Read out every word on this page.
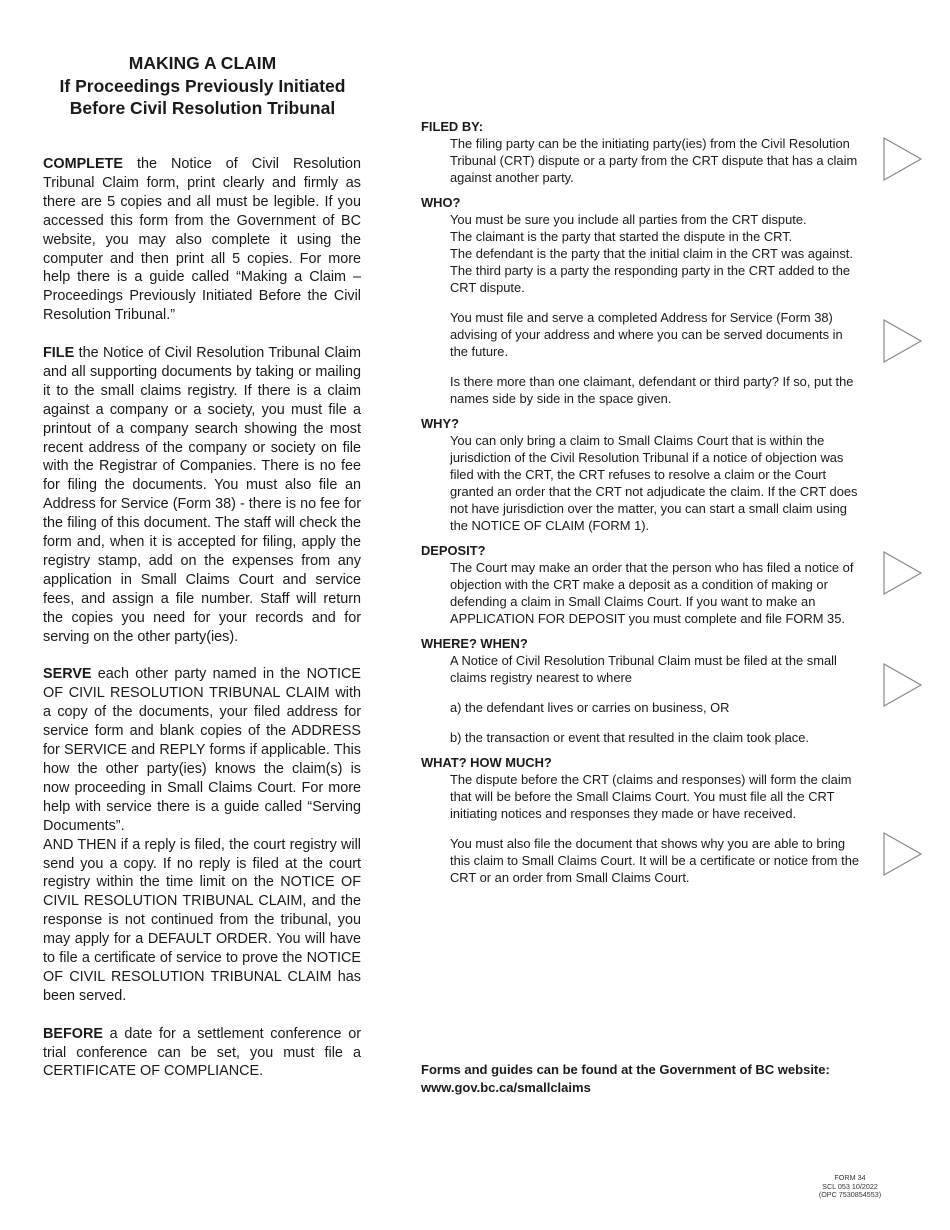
MAKING A CLAIM
If Proceedings Previously Initiated
Before Civil Resolution Tribunal

COMPLETE the Notice of Civil Resolution Tribunal Claim form, print clearly and firmly as there are 5 copies and all must be legible. If you accessed this form from the Government of BC website, you may also complete it using the computer and then print all 5 copies. For more help there is a guide called “Making a Claim – Proceedings Previously Initiated Before the Civil Resolution Tribunal.”

FILE the Notice of Civil Resolution Tribunal Claim and all supporting documents by taking or mailing it to the small claims registry. If there is a claim against a company or a society, you must file a printout of a company search showing the most recent address of the company or society on file with the Registrar of Companies. There is no fee for filing the documents. You must also file an Address for Service (Form 38) - there is no fee for the filing of this document. The staff will check the form and, when it is accepted for filing, apply the registry stamp, add on the expenses from any application in Small Claims Court and service fees, and assign a file number. Staff will return the copies you need for your records and for serving on the other party(ies).

SERVE each other party named in the NOTICE OF CIVIL RESOLUTION TRIBUNAL CLAIM with a copy of the documents, your filed address for service form and blank copies of the ADDRESS for SERVICE and REPLY forms if applicable. This how the other party(ies) knows the claim(s) is now proceeding in Small Claims Court. For more help with service there is a guide called “Serving Documents”.

AND THEN if a reply is filed, the court registry will send you a copy. If no reply is filed at the court registry within the time limit on the NOTICE OF CIVIL RESOLUTION TRIBUNAL CLAIM, and the response is not continued from the tribunal, you may apply for a DEFAULT ORDER. You will have to file a certificate of service to prove the NOTICE OF CIVIL RESOLUTION TRIBUNAL CLAIM has been served.

BEFORE a date for a settlement conference or trial conference can be set, you must file a CERTIFICATE OF COMPLIANCE.

FILED BY:

The filing party can be the initiating party(ies) from the Civil Resolution Tribunal (CRT) dispute or a party from the CRT dispute that has a claim against another party.

WHO?

You must be sure you include all parties from the CRT dispute.

The claimant is the party that started the dispute in the CRT.

The defendant is the party that the initial claim in the CRT was against.

The third party is a party the responding party in the CRT added to the CRT dispute.

You must file and serve a completed Address for Service (Form 38) advising of your address and where you can be served documents in the future.

Is there more than one claimant, defendant or third party? If so, put the names side by side in the space given.

WHY?

You can only bring a claim to Small Claims Court that is within the jurisdiction of the Civil Resolution Tribunal if a notice of objection was filed with the CRT, the CRT refuses to resolve a claim or the Court granted an order that the CRT not adjudicate the claim. If the CRT does not have jurisdiction over the matter, you can start a small claim using the NOTICE OF CLAIM (FORM 1).

DEPOSIT?

The Court may make an order that the person who has filed a notice of objection with the CRT make a deposit as a condition of making or defending a claim in Small Claims Court. If you want to make an APPLICATION FOR DEPOSIT you must complete and file FORM 35.

WHERE? WHEN?

A Notice of Civil Resolution Tribunal Claim must be filed at the small claims registry nearest to where

a) the defendant lives or carries on business, OR

b) the transaction or event that resulted in the claim took place.

WHAT? HOW MUCH?

The dispute before the CRT (claims and responses) will form the claim that will be before the Small Claims Court. You must file all the CRT initiating notices and responses they made or have received.

You must also file the document that shows why you are able to bring this claim to Small Claims Court. It will be a certificate or notice from the CRT or an order from Small Claims Court.

Forms and guides can be found at the Government of BC website:
www.gov.bc.ca/smallclaims
FORM 34
SCL 053 10/2022
(OPC 7530854553)
